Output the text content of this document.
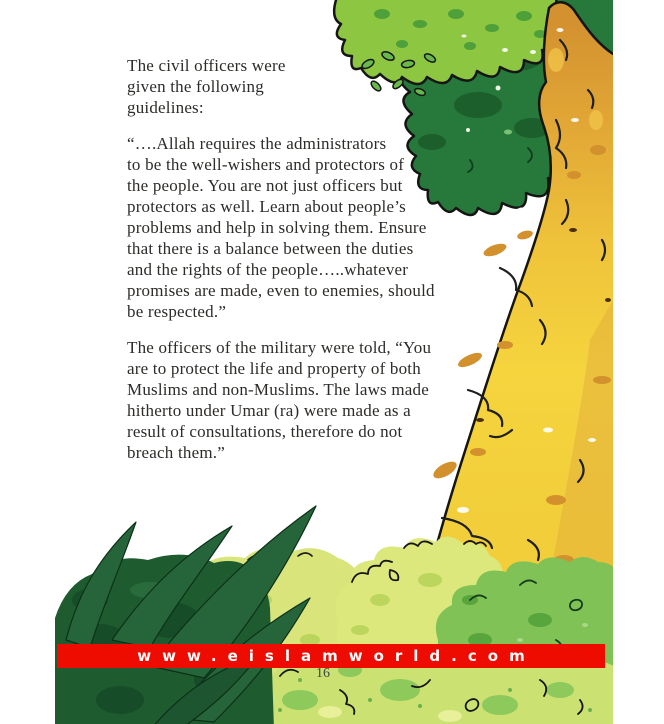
The civil officers were
given the following
guidelines:
“….Allah requires the administrators
to be the well-wishers and protectors of
the people. You are not just officers but
protectors as well. Learn about people’s
problems and help in solving them. Ensure
that there is a balance between the duties
and the rights of the people…..whatever
promises are made, even to enemies, should
be respected.”
The officers of the military were told, “You
are to protect the life and property of both
Muslims and non-Muslims. The laws made
hitherto under Umar (ra) were made as a
result of consultations, therefore do not
breach them.”
www.eislamworld.com
16
